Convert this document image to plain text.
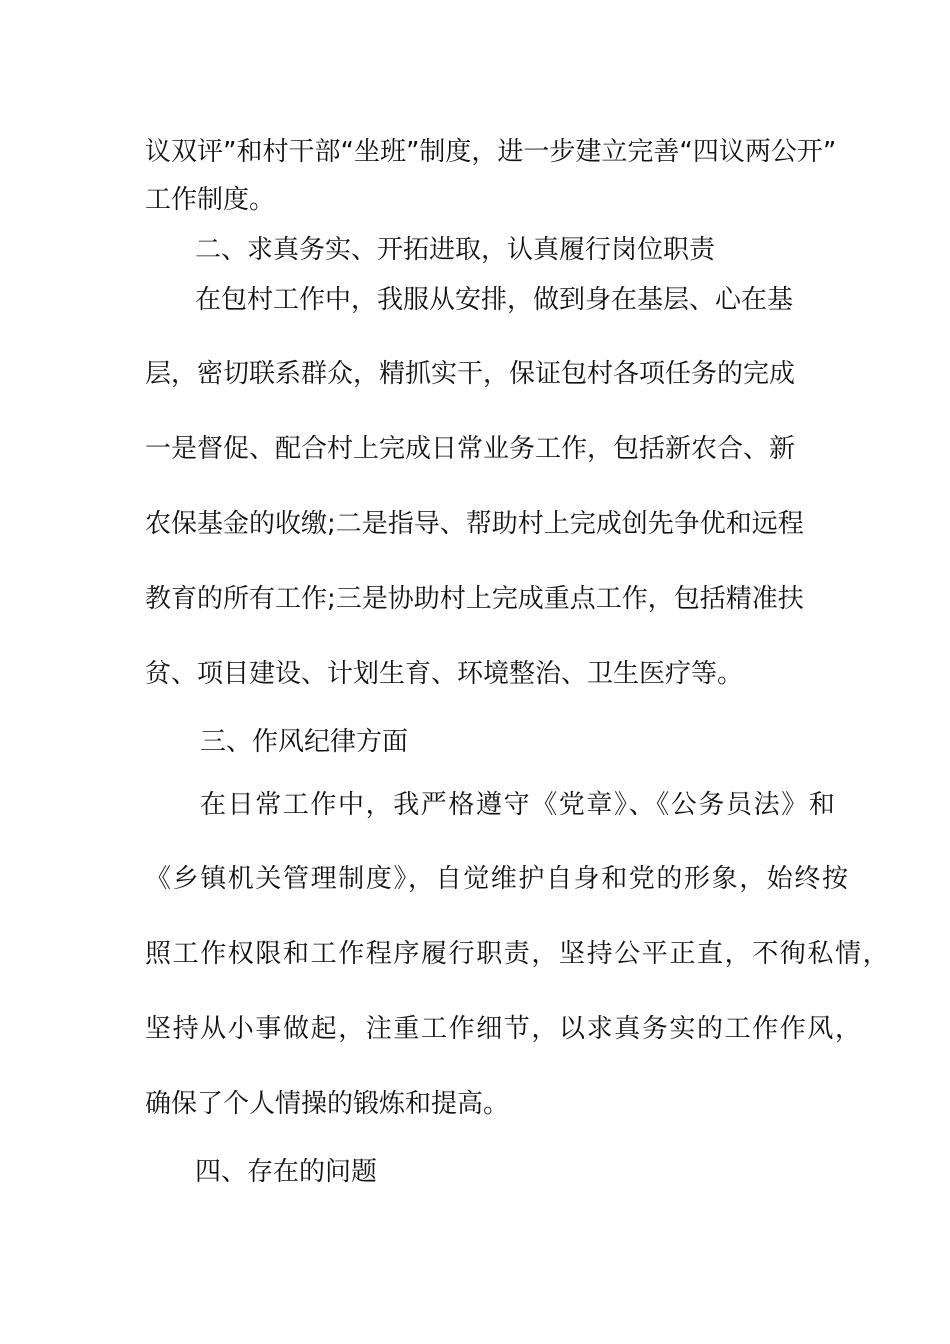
议双评”和村干部“坐班”制度，进一步建立完善“四议两公开”
工作制度。
二、求真务实、开拓进取，认真履行岗位职责
在包村工作中，我服从安排，做到身在基层、心在基
层，密切联系群众，精抓实干，保证包村各项任务的完成
一是督促、配合村上完成日常业务工作，包括新农合、新
农保基金的收缴;二是指导、帮助村上完成创先争优和远程
教育的所有工作;三是协助村上完成重点工作，包括精准扶
贫、项目建设、计划生育、环境整治、卫生医疗等。
三、作风纪律方面
在日常工作中，我严格遵守《党章》、《公务员法》和
《乡镇机关管理制度》，自觉维护自身和党的形象，始终按
照工作权限和工作程序履行职责，坚持公平正直，不徇私情，
坚持从小事做起，注重工作细节，以求真务实的工作作风，
确保了个人情操的锻炼和提高。
四、存在的问题
